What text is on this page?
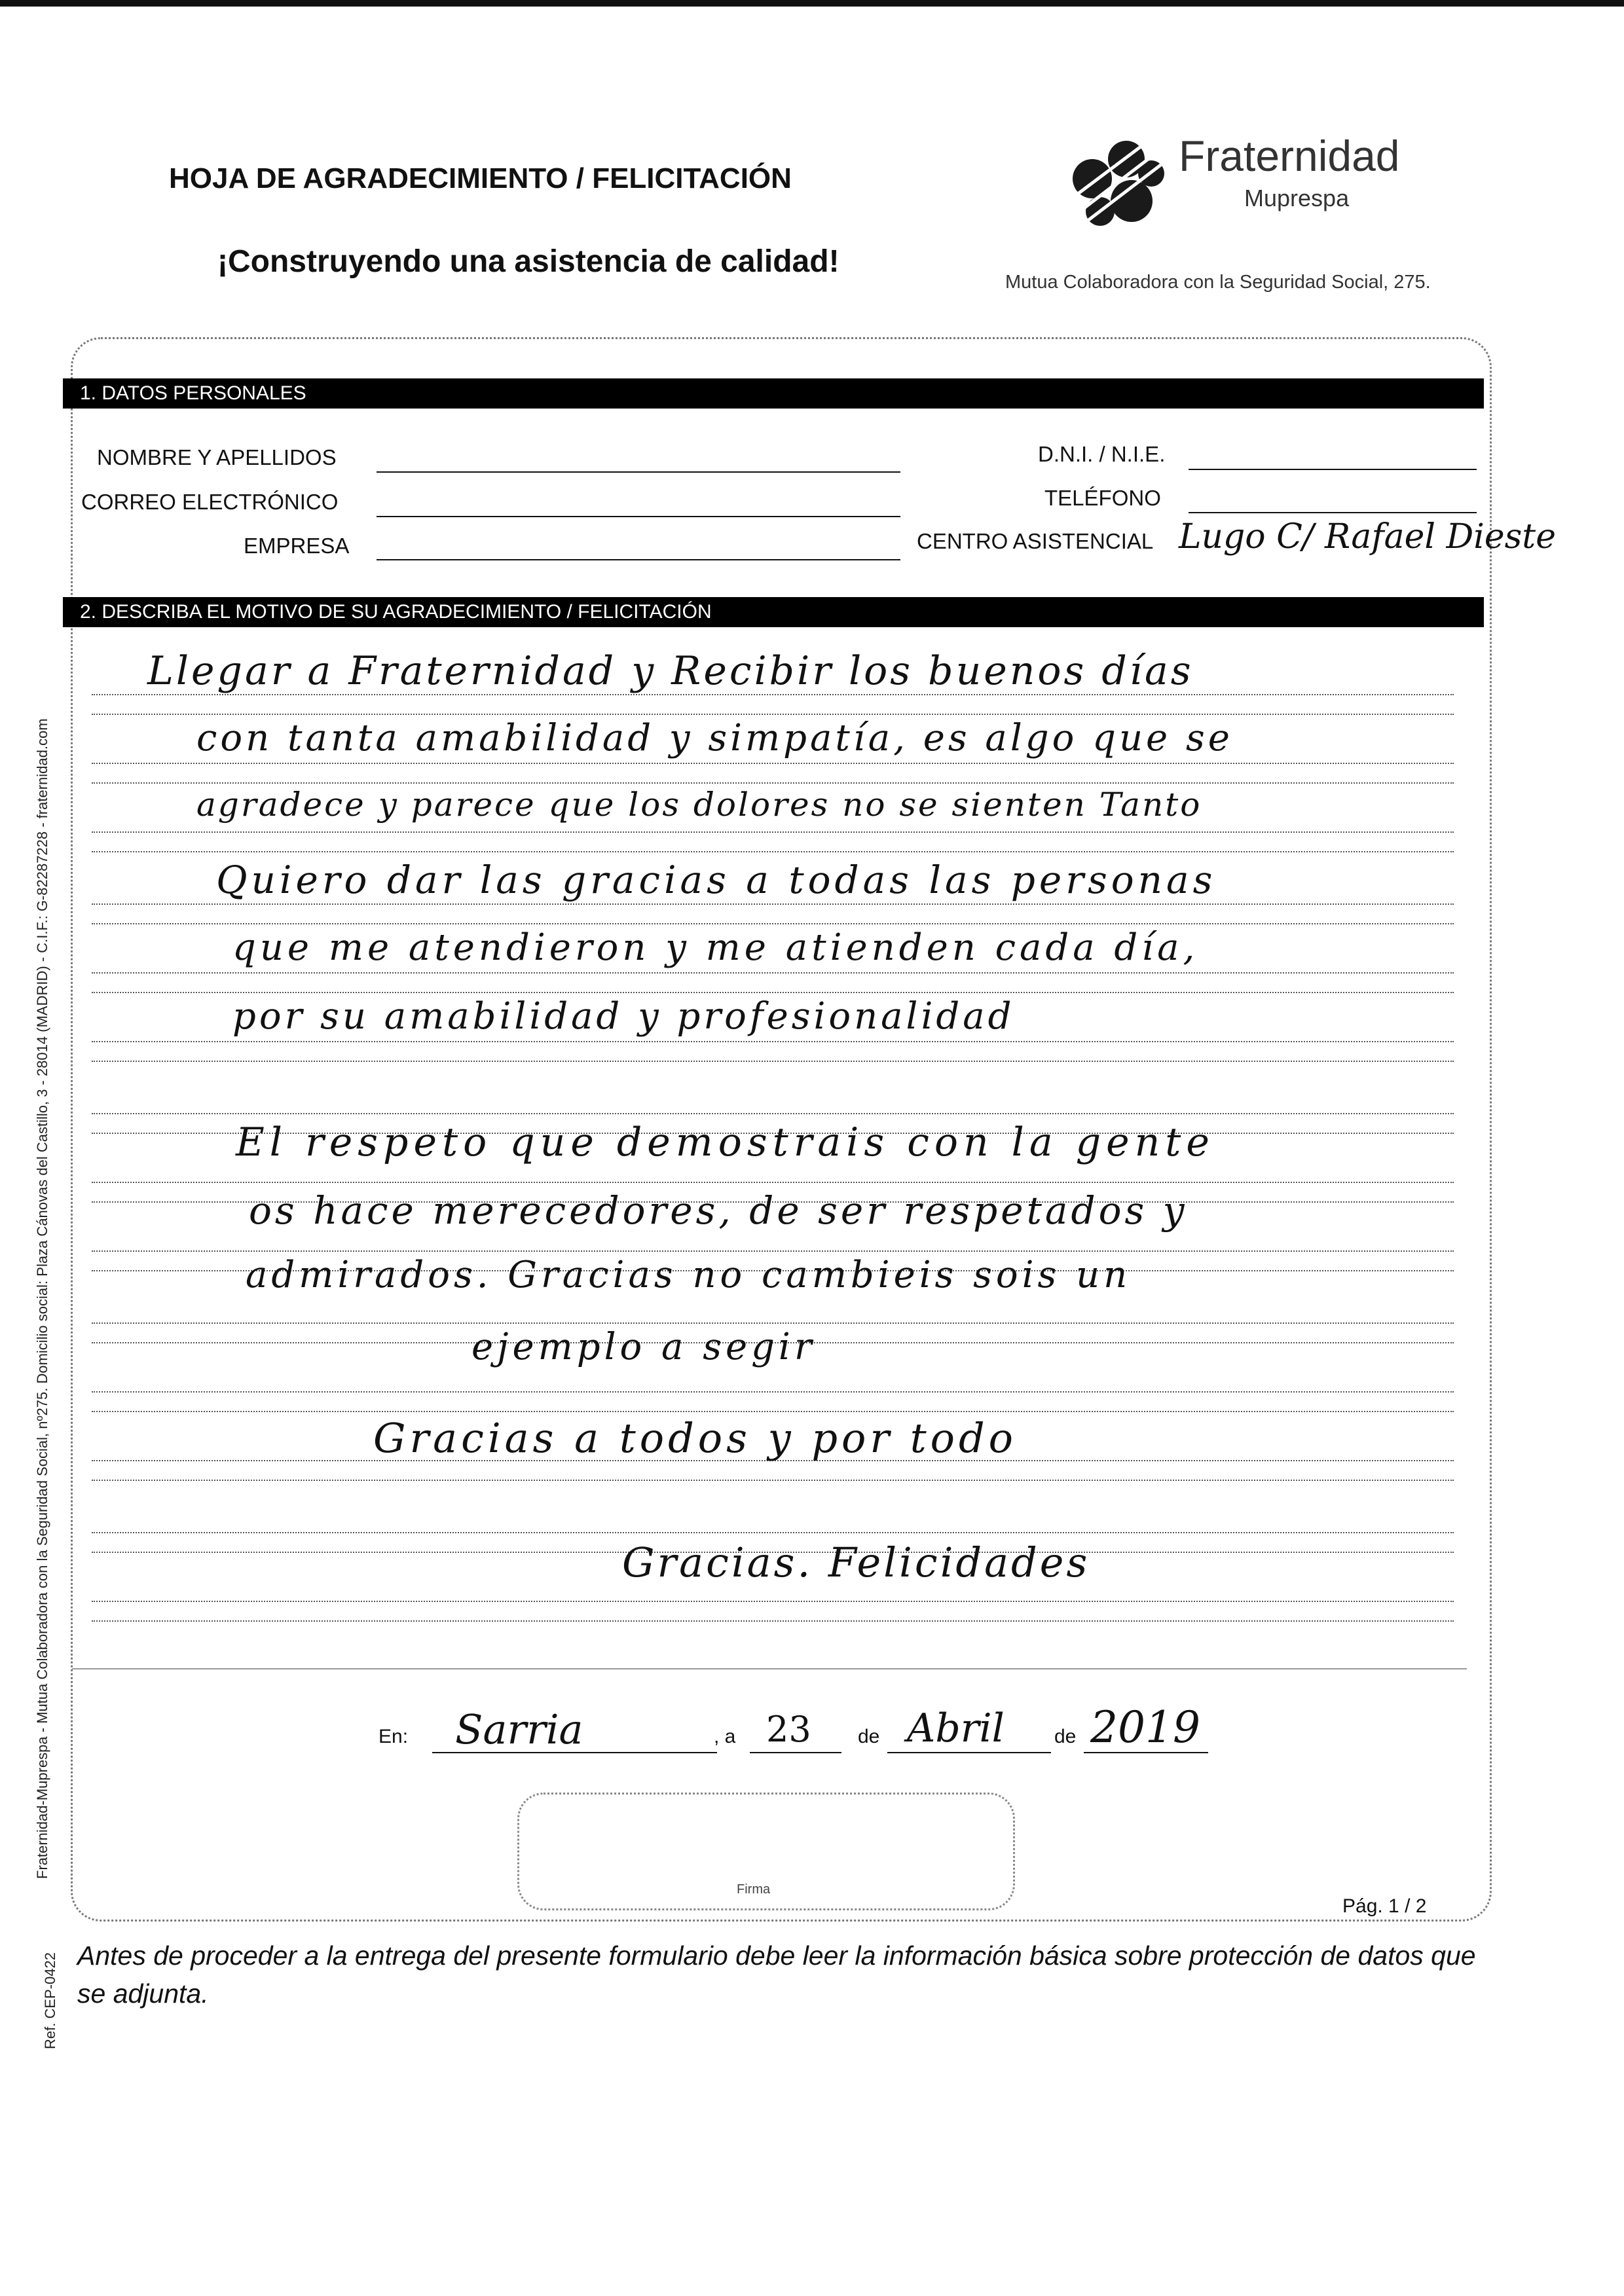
HOJA DE AGRADECIMIENTO / FELICITACIÓN
¡Construyendo una asistencia de calidad!
Fraternidad
Muprespa
Mutua Colaboradora con la Seguridad Social, 275.
Fraternidad-Muprespa - Mutua Colaboradora con la Seguridad Social, nº275. Domicilio social: Plaza Cánovas del Castillo, 3 - 28014 (MADRID) - C.I.F.: G-82287228 - fraternidad.com
Ref. CEP-0422
1. DATOS PERSONALES
NOMBRE Y APELLIDOS
CORREO ELECTRÓNICO
EMPRESA
D.N.I. / N.I.E.
TELÉFONO
CENTRO ASISTENCIAL Lugo C/ Rafael Dieste
2. DESCRIBA EL MOTIVO DE SU AGRADECIMIENTO / FELICITACIÓN
Llegar a Fraternidad y Recibir los buenos días
con tanta amabilidad y simpatía, es algo que se
agradece y parece que los dolores no se sienten Tanto
Quiero dar las gracias a todas las personas
que me atendieron y me atienden cada día,
por su amabilidad y profesionalidad
El respeto que demostrais con la gente
os hace merecedores, de ser respetados y
admirados. Gracias no cambieis sois un
ejemplo a segir
Gracias a todos y por todo
Gracias. Felicidades
En: Sarria	, a 23 de Abril	de 2019
Firma
Pág. 1 / 2
Antes de proceder a la entrega del presente formulario debe leer la información básica sobre protección de datos que se adjunta.
